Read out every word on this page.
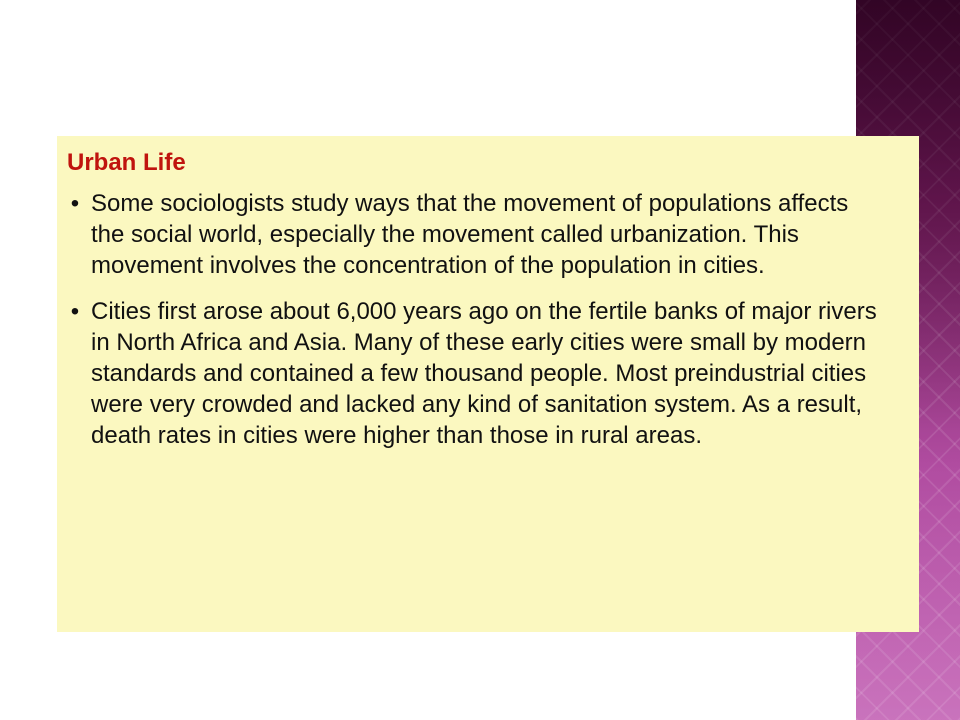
Urban Life
• Some sociologists study ways that the movement of populations affects the social world, especially the movement called urbanization. This movement involves the concentration of the population in cities.
• Cities first arose about 6,000 years ago on the fertile banks of major rivers in North Africa and Asia. Many of these early cities were small by modern standards and contained a few thousand people. Most preindustrial cities were very crowded and lacked any kind of sanitation system. As a result, death rates in cities were higher than those in rural areas.
